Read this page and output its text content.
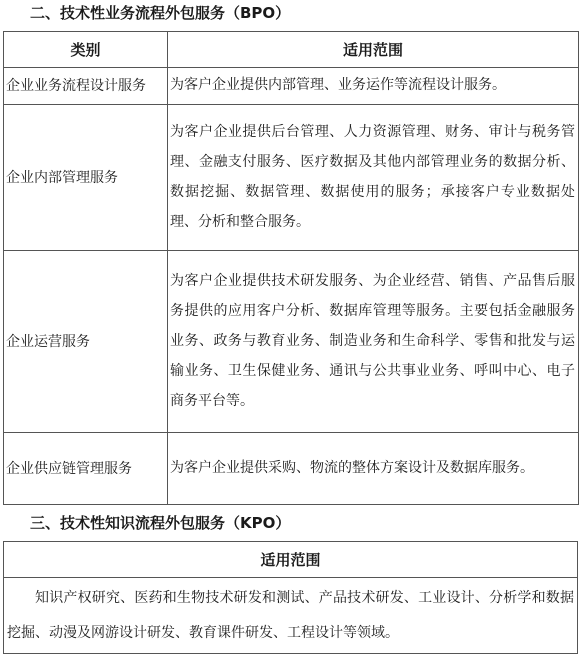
二、技术性业务流程外包服务（BPO）
类别	适用范围
企业业务流程设计服务	为客户企业提供内部管理、业务运作等流程设计服务。
企业内部管理服务	为客户企业提供后台管理、人力资源管理、财务、审计与税务管理、金融支付服务、医疗数据及其他内部管理业务的数据分析、数据挖掘、数据管理、数据使用的服务；承接客户专业数据处理、分析和整合服务。
企业运营服务	为客户企业提供技术研发服务、为企业经营、销售、产品售后服务提供的应用客户分析、数据库管理等服务。主要包括金融服务业务、政务与教育业务、制造业务和生命科学、零售和批发与运输业务、卫生保健业务、通讯与公共事业业务、呼叫中心、电子商务平台等。
企业供应链管理服务	为客户企业提供采购、物流的整体方案设计及数据库服务。
三、技术性知识流程外包服务（KPO）
适用范围
知识产权研究、医药和生物技术研发和测试、产品技术研发、工业设计、分析学和数据挖掘、动漫及网游设计研发、教育课件研发、工程设计等领域。
